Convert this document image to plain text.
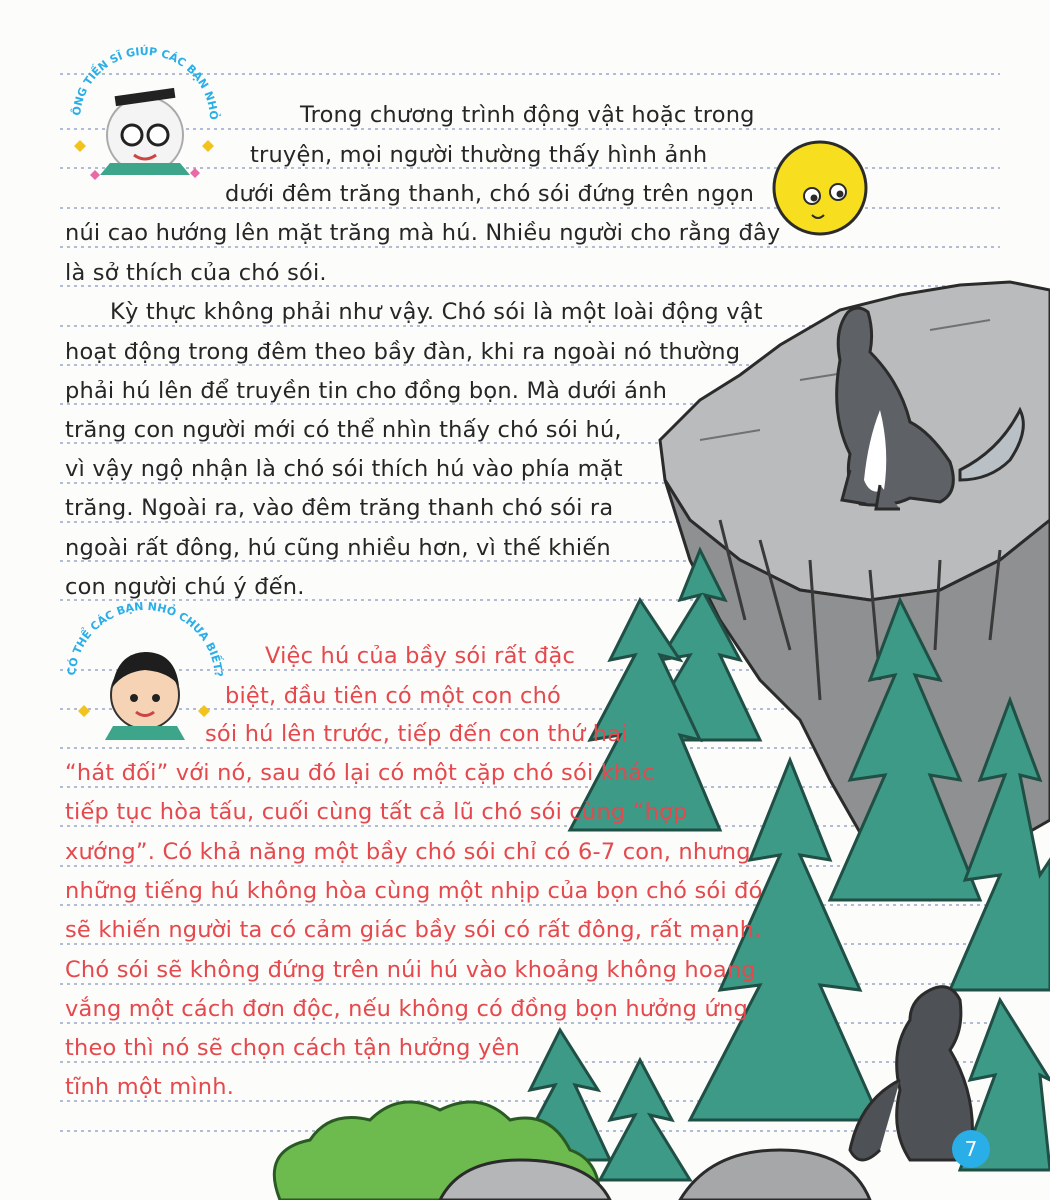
ÔNG TIẾN SĨ GIÚP CÁC BẠN NHỎ
CÓ THỂ CÁC BẠN NHỎ CHƯA BIẾT?
Trong chương trình động vật hoặc trong
truyện, mọi người thường thấy hình ảnh
dưới đêm trăng thanh, chó sói đứng trên ngọn
núi cao hướng lên mặt trăng mà hú. Nhiều người cho rằng đây
là sở thích của chó sói.
Kỳ thực không phải như vậy. Chó sói là một loài động vật
hoạt động trong đêm theo bầy đàn, khi ra ngoài nó thường
phải hú lên để truyền tin cho đồng bọn. Mà dưới ánh
trăng con người mới có thể nhìn thấy chó sói hú,
vì vậy ngộ nhận là chó sói thích hú vào phía mặt
trăng. Ngoài ra, vào đêm trăng thanh chó sói ra
ngoài rất đông, hú cũng nhiều hơn, vì thế khiến
con người chú ý đến.
Việc hú của bầy sói rất đặc
biệt, đầu tiên có một con chó
sói hú lên trước, tiếp đến con thứ hai
“hát đối” với nó, sau đó lại có một cặp chó sói khác
tiếp tục hòa tấu, cuối cùng tất cả lũ chó sói cùng “hợp
xướng”. Có khả năng một bầy chó sói chỉ có 6-7 con, nhưng
những tiếng hú không hòa cùng một nhịp của bọn chó sói đó
sẽ khiến người ta có cảm giác bầy sói có rất đông, rất mạnh.
Chó sói sẽ không đứng trên núi hú vào khoảng không hoang
vắng một cách đơn độc, nếu không có đồng bọn hưởng ứng
theo thì nó sẽ chọn cách tận hưởng yên
tĩnh một mình.
7
